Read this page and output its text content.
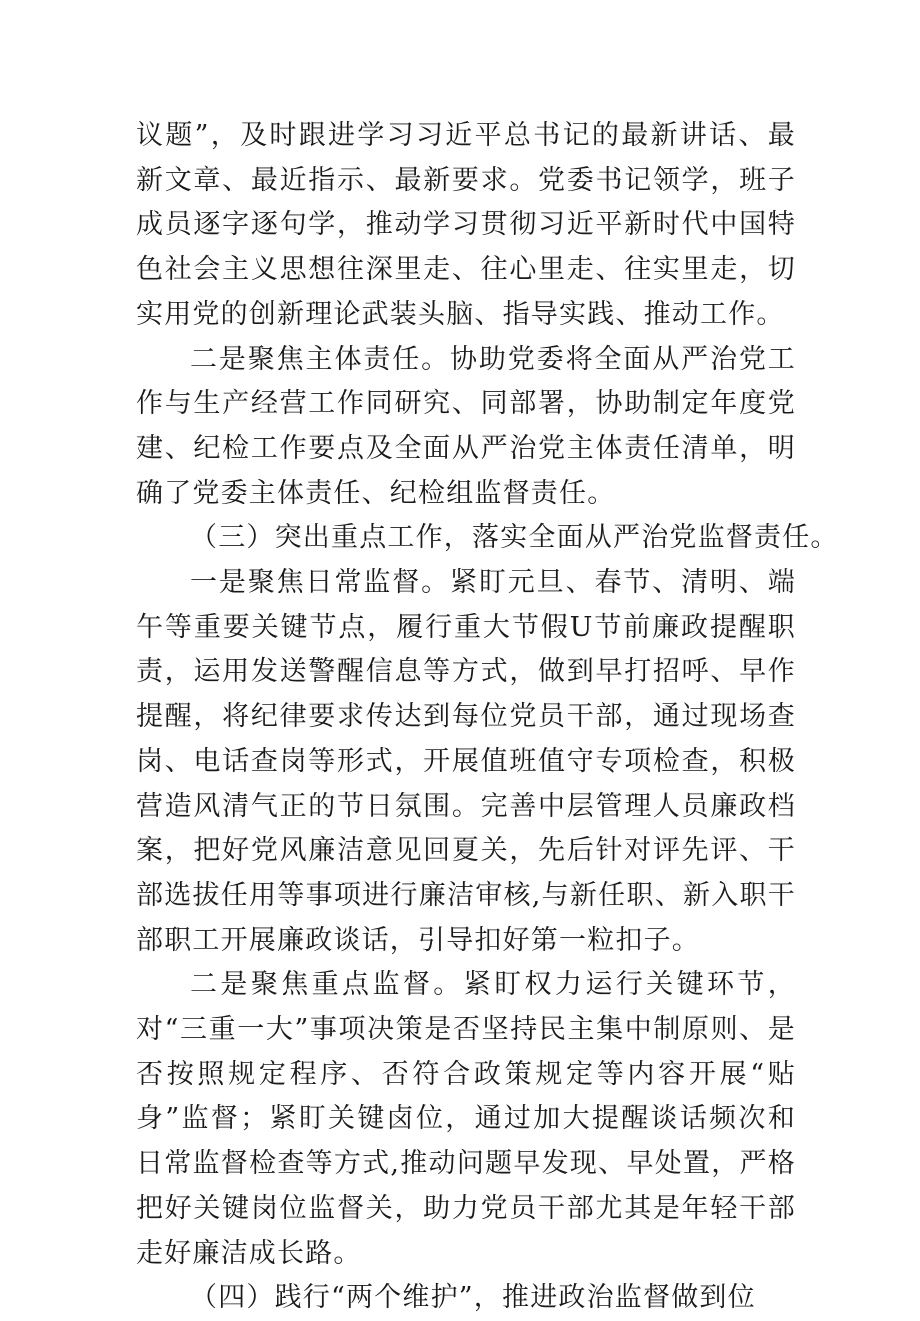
议题”，及时跟进学习习近平总书记的最新讲话、最新文章、最近指示、最新要求。党委书记领学，班子成员逐字逐句学，推动学习贯彻习近平新时代中国特色社会主义思想往深里走、往心里走、往实里走，切实用党的创新理论武装头脑、指导实践、推动工作。

二是聚焦主体责任。协助党委将全面从严治党工作与生产经营工作同研究、同部署，协助制定年度党建、纪检工作要点及全面从严治党主体责任清单，明确了党委主体责任、纪检组监督责任。

（三）突出重点工作，落实全面从严治党监督责任。

一是聚焦日常监督。紧盯元旦、春节、清明、端午等重要关键节点，履行重大节假U节前廉政提醒职责，运用发送警醒信息等方式，做到早打招呼、早作提醒，将纪律要求传达到每位党员干部，通过现场查岗、电话查岗等形式，开展值班值守专项检查，积极营造风清气正的节日氛围。完善中层管理人员廉政档案，把好党风廉洁意见回夏关，先后针对评先评、干部选拔任用等事项进行廉洁审核,与新任职、新入职干部职工开展廉政谈话，引导扣好第一粒扣子。

二是聚焦重点监督。紧盯权力运行关键环节，对“三重一大”事项决策是否坚持民主集中制原则、是否按照规定程序、否符合政策规定等内容开展“贴身”监督；紧盯关键卤位，通过加大提醒谈话频次和日常监督检查等方式,推动问题早发现、早处置，严格把好关键岗位监督关，助力党员干部尤其是年轻干部走好廉洁成长路。

（四）践行“两个维护”，推进政治监督做到位
